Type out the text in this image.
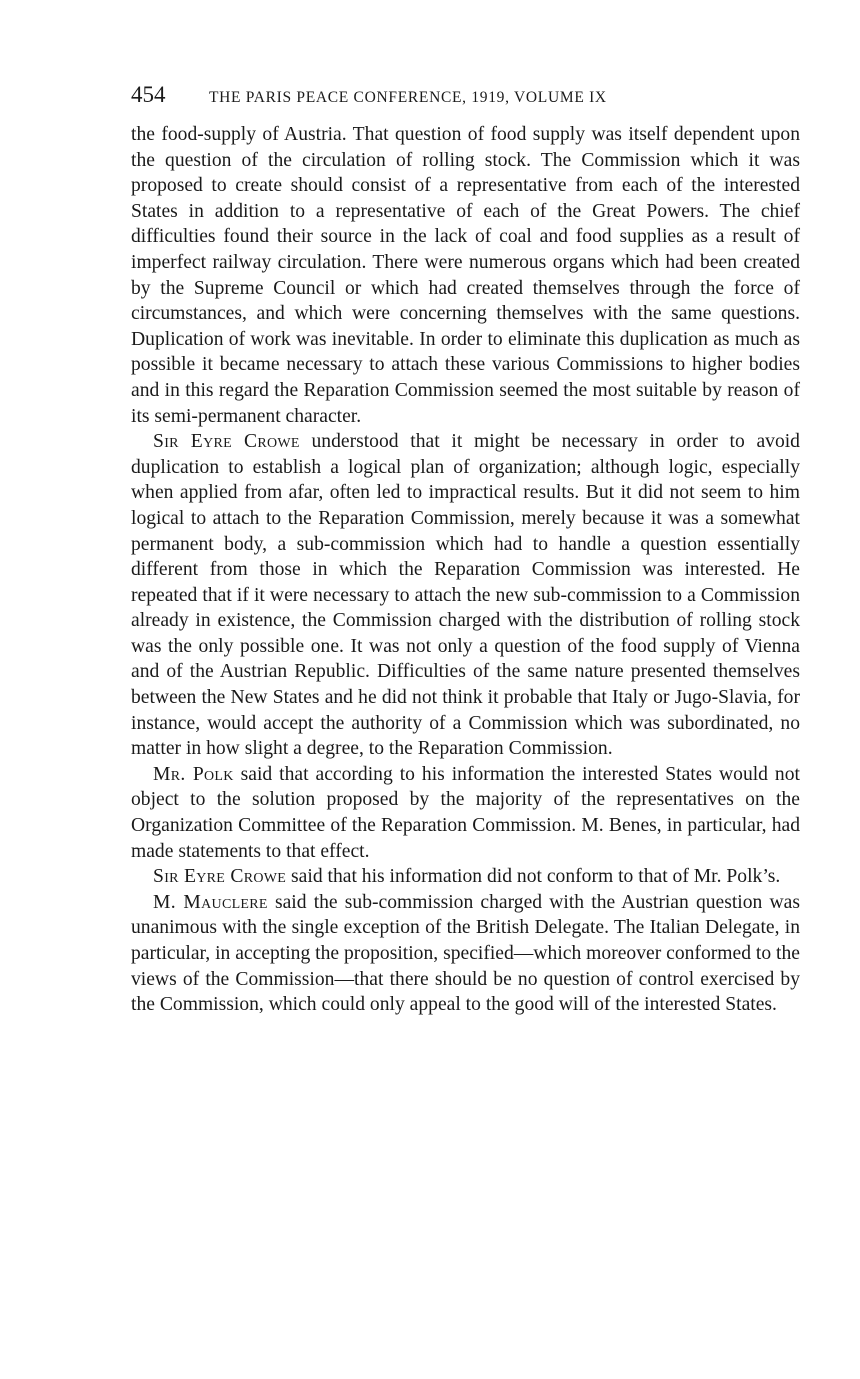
454	THE PARIS PEACE CONFERENCE, 1919, VOLUME IX

the food-supply of Austria. That question of food supply was itself dependent upon the question of the circulation of rolling stock. The Commission which it was proposed to create should consist of a representative from each of the interested States in addition to a representative of each of the Great Powers. The chief difficulties found their source in the lack of coal and food supplies as a result of imperfect railway circulation. There were numerous organs which had been created by the Supreme Council or which had created themselves through the force of circumstances, and which were concerning themselves with the same questions. Duplication of work was inevitable. In order to eliminate this duplication as much as possible it became necessary to attach these various Commissions to higher bodies and in this regard the Reparation Commission seemed the most suitable by reason of its semi-permanent character.

Sir Eyre Crowe understood that it might be necessary in order to avoid duplication to establish a logical plan of organization; although logic, especially when applied from afar, often led to impractical results. But it did not seem to him logical to attach to the Reparation Commission, merely because it was a somewhat permanent body, a sub-commission which had to handle a question essentially different from those in which the Reparation Commission was interested. He repeated that if it were necessary to attach the new sub-commission to a Commission already in existence, the Commission charged with the distribution of rolling stock was the only possible one. It was not only a question of the food supply of Vienna and of the Austrian Republic. Difficulties of the same nature presented themselves between the New States and he did not think it probable that Italy or Jugo-Slavia, for instance, would accept the authority of a Commission which was subordinated, no matter in how slight a degree, to the Reparation Commission.

Mr. Polk said that according to his information the interested States would not object to the solution proposed by the majority of the representatives on the Organization Committee of the Reparation Commission. M. Benes, in particular, had made statements to that effect.

Sir Eyre Crowe said that his information did not conform to that of Mr. Polk’s.

M. Mauclere said the sub-commission charged with the Austrian question was unanimous with the single exception of the British Delegate. The Italian Delegate, in particular, in accepting the proposition, specified—which moreover conformed to the views of the Commission—that there should be no question of control exercised by the Commission, which could only appeal to the good will of the interested States.
